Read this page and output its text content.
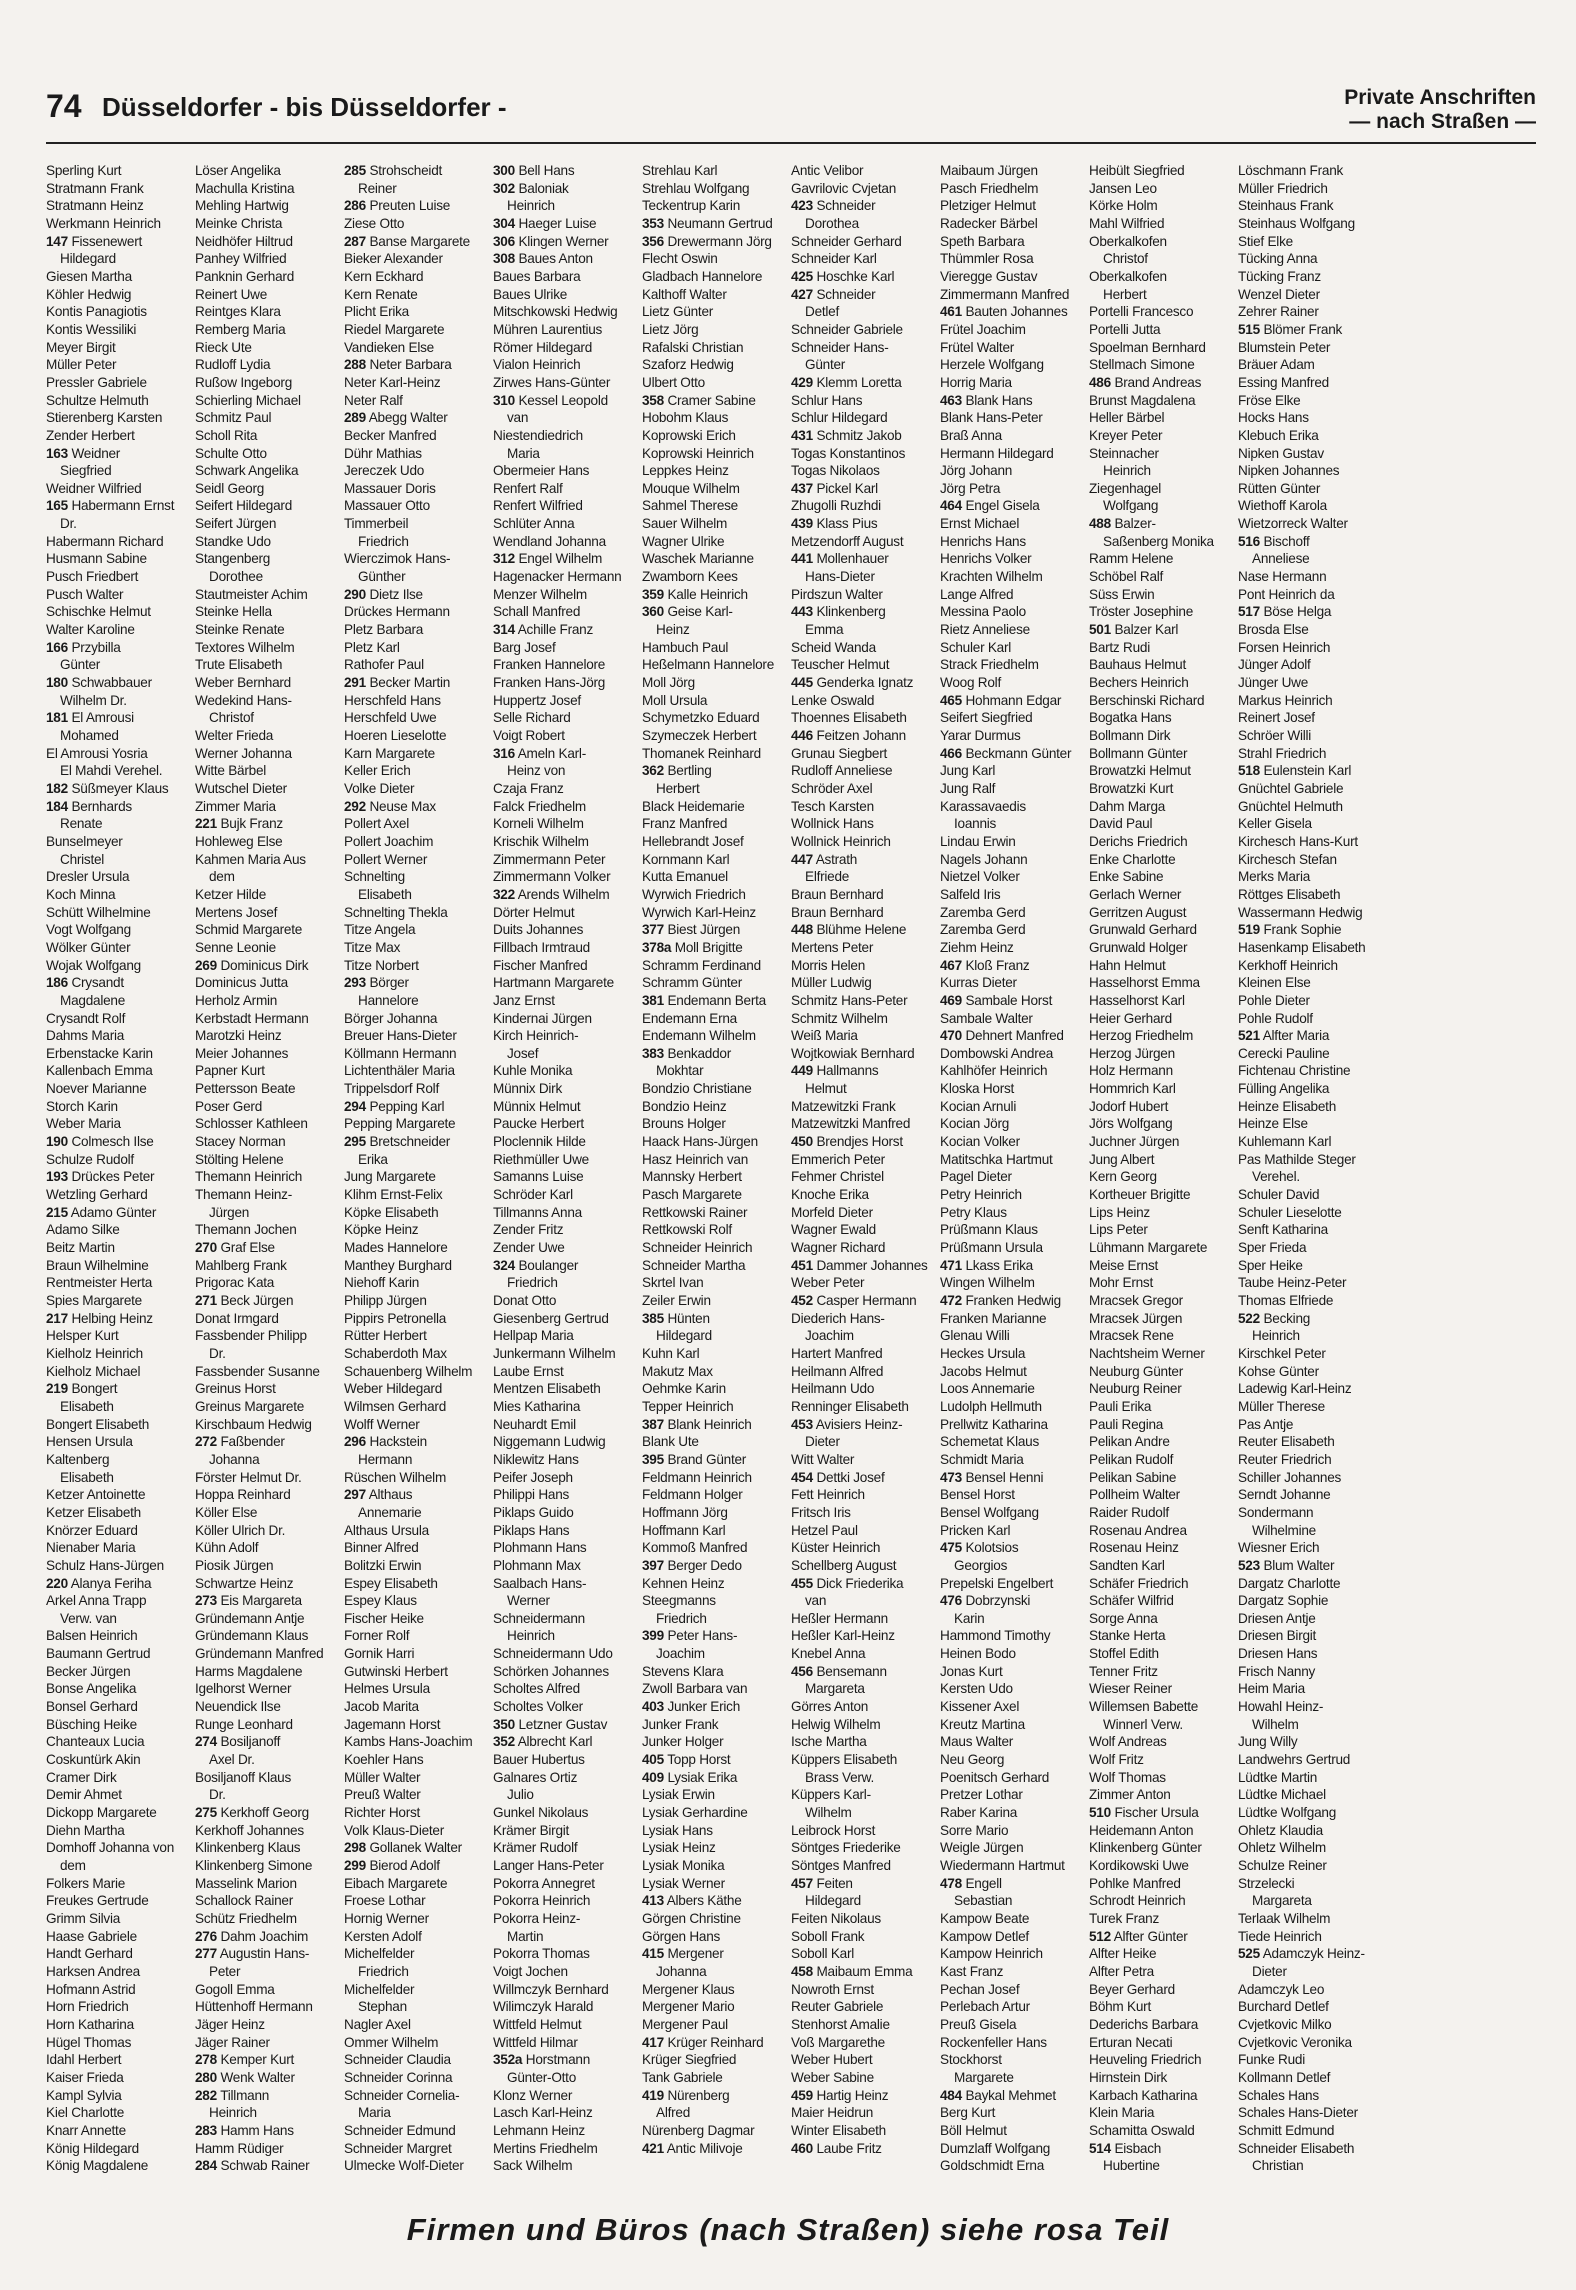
74 Düsseldorfer - bis Düsseldorfer -	Private Anschriften
— nach Straßen —
Sperling Kurt
Stratmann Frank
Stratmann Heinz
Werkmann Heinrich
147 Fissenewert
Hildegard
Giesen Martha
Köhler Hedwig
Kontis Panagiotis
Kontis Wessiliki
Meyer Birgit
Müller Peter
Pressler Gabriele
Schultze Helmuth
Stierenberg Karsten
Zender Herbert
163 Weidner
Siegfried
Weidner Wilfried
165 Habermann Ernst
Dr.
Habermann Richard
Husmann Sabine
Pusch Friedbert
Pusch Walter
Schischke Helmut
Walter Karoline
166 Przybilla
Günter
180 Schwabbauer
Wilhelm Dr.
181 El Amrousi
Mohamed
El Amrousi Yosria
El Mahdi Verehel.
182 Süßmeyer Klaus
184 Bernhards
Renate
Bunselmeyer
Christel
Dresler Ursula
Koch Minna
Schütt Wilhelmine
Vogt Wolfgang
Wölker Günter
Wojak Wolfgang
186 Crysandt
Magdalene
Crysandt Rolf
Dahms Maria
Erbenstacke Karin
Kallenbach Emma
Noever Marianne
Storch Karin
Weber Maria
190 Colmesch Ilse
Schulze Rudolf
193 Drückes Peter
Wetzling Gerhard
215 Adamo Günter
Adamo Silke
Beitz Martin
Braun Wilhelmine
Rentmeister Herta
Spies Margarete
217 Helbing Heinz
Helsper Kurt
Kielholz Heinrich
Kielholz Michael
219 Bongert
Elisabeth
Bongert Elisabeth
Hensen Ursula
Kaltenberg
Elisabeth
Ketzer Antoinette
Ketzer Elisabeth
Knörzer Eduard
Nienaber Maria
Schulz Hans-Jürgen
220 Alanya Feriha
Arkel Anna Trapp
Verw. van
Balsen Heinrich
Baumann Gertrud
Becker Jürgen
Bonse Angelika
Bonsel Gerhard
Büsching Heike
Chanteaux Lucia
Coskuntürk Akin
Cramer Dirk
Demir Ahmet
Dickopp Margarete
Diehn Martha
Domhoff Johanna von
dem
Folkers Marie
Freukes Gertrude
Grimm Silvia
Haase Gabriele
Handt Gerhard
Harksen Andrea
Hofmann Astrid
Horn Friedrich
Horn Katharina
Hügel Thomas
Idahl Herbert
Kaiser Frieda
Kampl Sylvia
Kiel Charlotte
Knarr Annette
König Hildegard
König Magdalene
Löser Angelika
Machulla Kristina
Mehling Hartwig
Meinke Christa
Neidhöfer Hiltrud
Panhey Wilfried
Panknin Gerhard
Reinert Uwe
Reintges Klara
Remberg Maria
Rieck Ute
Rudloff Lydia
Rußow Ingeborg
Schierling Michael
Schmitz Paul
Scholl Rita
Schulte Otto
Schwark Angelika
Seidl Georg
Seifert Hildegard
Seifert Jürgen
Standke Udo
Stangenberg
Dorothee
Stautmeister Achim
Steinke Hella
Steinke Renate
Textores Wilhelm
Trute Elisabeth
Weber Bernhard
Wedekind Hans-
Christof
Welter Frieda
Werner Johanna
Witte Bärbel
Wutschel Dieter
Zimmer Maria
221 Bujk Franz
Hohleweg Else
Kahmen Maria Aus
dem
Ketzer Hilde
Mertens Josef
Schmid Margarete
Senne Leonie
269 Dominicus Dirk
Dominicus Jutta
Herholz Armin
Kerbstadt Hermann
Marotzki Heinz
Meier Johannes
Papner Kurt
Pettersson Beate
Poser Gerd
Schlosser Kathleen
Stacey Norman
Stölting Helene
Themann Heinrich
Themann Heinz-
Jürgen
Themann Jochen
270 Graf Else
Mahlberg Frank
Prigorac Kata
271 Beck Jürgen
Donat Irmgard
Fassbender Philipp
Dr.
Fassbender Susanne
Greinus Horst
Greinus Margarete
Kirschbaum Hedwig
272 Faßbender
Johanna
Förster Helmut Dr.
Hoppa Reinhard
Köller Else
Köller Ulrich Dr.
Kühn Adolf
Piosik Jürgen
Schwartze Heinz
273 Eis Margareta
Gründemann Antje
Gründemann Klaus
Gründemann Manfred
Harms Magdalene
Igelhorst Werner
Neuendick Ilse
Runge Leonhard
274 Bosiljanoff
Axel Dr.
Bosiljanoff Klaus
Dr.
275 Kerkhoff Georg
Kerkhoff Johannes
Klinkenberg Klaus
Klinkenberg Simone
Masselink Marion
Schallock Rainer
Schütz Friedhelm
276 Dahm Joachim
277 Augustin Hans-
Peter
Gogoll Emma
Hüttenhoff Hermann
Jäger Heinz
Jäger Rainer
278 Kemper Kurt
280 Wenk Walter
282 Tillmann
Heinrich
283 Hamm Hans
Hamm Rüdiger
284 Schwab Rainer
285 Strohscheidt
Reiner
286 Preuten Luise
Ziese Otto
287 Banse Margarete
Bieker Alexander
Kern Eckhard
Kern Renate
Plicht Erika
Riedel Margarete
Vandieken Else
288 Neter Barbara
Neter Karl-Heinz
Neter Ralf
289 Abegg Walter
Becker Manfred
Dühr Mathias
Jereczek Udo
Massauer Doris
Massauer Otto
Timmerbeil
Friedrich
Wierczimok Hans-
Günther
290 Dietz Ilse
Drückes Hermann
Pletz Barbara
Pletz Karl
Rathofer Paul
291 Becker Martin
Herschfeld Hans
Herschfeld Uwe
Hoeren Lieselotte
Karn Margarete
Keller Erich
Volke Dieter
292 Neuse Max
Pollert Axel
Pollert Joachim
Pollert Werner
Schnelting
Elisabeth
Schnelting Thekla
Titze Angela
Titze Max
Titze Norbert
293 Börger
Hannelore
Börger Johanna
Breuer Hans-Dieter
Köllmann Hermann
Lichtenthäler Maria
Trippelsdorf Rolf
294 Pepping Karl
Pepping Margarete
295 Bretschneider
Erika
Jung Margarete
Klihm Ernst-Felix
Köpke Elisabeth
Köpke Heinz
Mades Hannelore
Manthey Burghard
Niehoff Karin
Philipp Jürgen
Pippirs Petronella
Rütter Herbert
Schaberdoth Max
Schauenberg Wilhelm
Weber Hildegard
Wilmsen Gerhard
Wolff Werner
296 Hackstein
Hermann
Rüschen Wilhelm
297 Althaus
Annemarie
Althaus Ursula
Binner Alfred
Bolitzki Erwin
Espey Elisabeth
Espey Klaus
Fischer Heike
Forner Rolf
Gornik Harri
Gutwinski Herbert
Helmes Ursula
Jacob Marita
Jagemann Horst
Kambs Hans-Joachim
Koehler Hans
Müller Walter
Preuß Walter
Richter Horst
Volk Klaus-Dieter
298 Gollanek Walter
299 Bierod Adolf
Eibach Margarete
Froese Lothar
Hornig Werner
Kersten Adolf
Michelfelder
Friedrich
Michelfelder
Stephan
Nagler Axel
Ommer Wilhelm
Schneider Claudia
Schneider Corinna
Schneider Cornelia-
Maria
Schneider Edmund
Schneider Margret
Ulmecke Wolf-Dieter
300 Bell Hans
302 Baloniak
Heinrich
304 Haeger Luise
306 Klingen Werner
308 Baues Anton
Baues Barbara
Baues Ulrike
Mitschkowski Hedwig
Mühren Laurentius
Römer Hildegard
Vialon Heinrich
Zirwes Hans-Günter
310 Kessel Leopold
van
Niestendiedrich
Maria
Obermeier Hans
Renfert Ralf
Renfert Wilfried
Schlüter Anna
Wendland Johanna
312 Engel Wilhelm
Hagenacker Hermann
Menzer Wilhelm
Schall Manfred
314 Achille Franz
Barg Josef
Franken Hannelore
Franken Hans-Jörg
Huppertz Josef
Selle Richard
Voigt Robert
316 Ameln Karl-
Heinz von
Czaja Franz
Falck Friedhelm
Korneli Wilhelm
Krischik Wilhelm
Zimmermann Peter
Zimmermann Volker
322 Arends Wilhelm
Dörter Helmut
Duits Johannes
Fillbach Irmtraud
Fischer Manfred
Hartmann Margarete
Janz Ernst
Kindernai Jürgen
Kirch Heinrich-
Josef
Kuhle Monika
Münnix Dirk
Münnix Helmut
Paucke Herbert
Ploclennik Hilde
Riethmüller Uwe
Samanns Luise
Schröder Karl
Tillmanns Anna
Zender Fritz
Zender Uwe
324 Boulanger
Friedrich
Donat Otto
Giesenberg Gertrud
Hellpap Maria
Junkermann Wilhelm
Laube Ernst
Mentzen Elisabeth
Mies Katharina
Neuhardt Emil
Niggemann Ludwig
Niklewitz Hans
Peifer Joseph
Philippi Hans
Piklaps Guido
Piklaps Hans
Plohmann Hans
Plohmann Max
Saalbach Hans-
Werner
Schneidermann
Heinrich
Schneidermann Udo
Schörken Johannes
Scholtes Alfred
Scholtes Volker
350 Letzner Gustav
352 Albrecht Karl
Bauer Hubertus
Galnares Ortiz
Julio
Gunkel Nikolaus
Krämer Birgit
Krämer Rudolf
Langer Hans-Peter
Pokorra Annegret
Pokorra Heinrich
Pokorra Heinz-
Martin
Pokorra Thomas
Voigt Jochen
Willmczyk Bernhard
Wilimczyk Harald
Wittfeld Helmut
Wittfeld Hilmar
352a Horstmann
Günter-Otto
Klonz Werner
Lasch Karl-Heinz
Lehmann Heinz
Mertins Friedhelm
Sack Wilhelm
Strehlau Karl
Strehlau Wolfgang
Teckentrup Karin
353 Neumann Gertrud
356 Drewermann Jörg
Flecht Oswin
Gladbach Hannelore
Kalthoff Walter
Lietz Günter
Lietz Jörg
Rafalski Christian
Szaforz Hedwig
Ulbert Otto
358 Cramer Sabine
Hobohm Klaus
Koprowski Erich
Koprowski Heinrich
Leppkes Heinz
Mouque Wilhelm
Sahmel Therese
Sauer Wilhelm
Wagner Ulrike
Waschek Marianne
Zwamborn Kees
359 Kalle Heinrich
360 Geise Karl-
Heinz
Hambuch Paul
Heßelmann Hannelore
Moll Jörg
Moll Ursula
Schymetzko Eduard
Szymeczek Herbert
Thomanek Reinhard
362 Bertling
Herbert
Black Heidemarie
Franz Manfred
Hellebrandt Josef
Kornmann Karl
Kutta Emanuel
Wyrwich Friedrich
Wyrwich Karl-Heinz
377 Biest Jürgen
378a Moll Brigitte
Schramm Ferdinand
Schramm Günter
381 Endemann Berta
Endemann Erna
Endemann Wilhelm
383 Benkaddor
Mokhtar
Bondzio Christiane
Bondzio Heinz
Brouns Holger
Haack Hans-Jürgen
Hasz Heinrich van
Mannsky Herbert
Pasch Margarete
Rettkowski Rainer
Rettkowski Rolf
Schneider Heinrich
Schneider Martha
Skrtel Ivan
Zeiler Erwin
385 Hünten
Hildegard
Kuhn Karl
Makutz Max
Oehmke Karin
Tepper Heinrich
387 Blank Heinrich
Blank Ute
395 Brand Günter
Feldmann Heinrich
Feldmann Holger
Hoffmann Jörg
Hoffmann Karl
Kommoß Manfred
397 Berger Dedo
Kehnen Heinz
Steegmanns
Friedrich
399 Peter Hans-
Joachim
Stevens Klara
Zwoll Barbara van
403 Junker Erich
Junker Frank
Junker Holger
405 Topp Horst
409 Lysiak Erika
Lysiak Erwin
Lysiak Gerhardine
Lysiak Hans
Lysiak Heinz
Lysiak Monika
Lysiak Werner
413 Albers Käthe
Görgen Christine
Görgen Hans
415 Mergener
Johanna
Mergener Klaus
Mergener Mario
Mergener Paul
417 Krüger Reinhard
Krüger Siegfried
Tank Gabriele
419 Nürenberg
Alfred
Nürenberg Dagmar
421 Antic Milivoje
Antic Velibor
Gavrilovic Cvjetan
423 Schneider
Dorothea
Schneider Gerhard
Schneider Karl
425 Hoschke Karl
427 Schneider
Detlef
Schneider Gabriele
Schneider Hans-
Günter
429 Klemm Loretta
Schlur Hans
Schlur Hildegard
431 Schmitz Jakob
Togas Konstantinos
Togas Nikolaos
437 Pickel Karl
Zhugolli Ruzhdi
439 Klass Pius
Metzendorff August
441 Mollenhauer
Hans-Dieter
Pirdszun Walter
443 Klinkenberg
Emma
Scheid Wanda
Teuscher Helmut
445 Genderka Ignatz
Lenke Oswald
Thoennes Elisabeth
446 Feitzen Johann
Grunau Siegbert
Rudloff Anneliese
Schröder Axel
Tesch Karsten
Wollnick Hans
Wollnick Heinrich
447 Astrath
Elfriede
Braun Bernhard
Braun Bernhard
448 Blühme Helene
Mertens Peter
Morris Helen
Müller Ludwig
Schmitz Hans-Peter
Schmitz Wilhelm
Weiß Maria
Wojtkowiak Bernhard
449 Hallmanns
Helmut
Matzewitzki Frank
Matzewitzki Manfred
450 Brendjes Horst
Emmerich Peter
Fehmer Christel
Knoche Erika
Morfeld Dieter
Wagner Ewald
Wagner Richard
451 Dammer Johannes
Weber Peter
452 Casper Hermann
Diederich Hans-
Joachim
Hartert Manfred
Heilmann Alfred
Heilmann Udo
Renninger Elisabeth
453 Avisiers Heinz-
Dieter
Witt Walter
454 Dettki Josef
Fett Heinrich
Fritsch Iris
Hetzel Paul
Küster Heinrich
Schellberg August
455 Dick Friederika
van
Heßler Hermann
Heßler Karl-Heinz
Knebel Anna
456 Bensemann
Margareta
Görres Anton
Helwig Wilhelm
Ische Martha
Küppers Elisabeth
Brass Verw.
Küppers Karl-
Wilhelm
Leibrock Horst
Söntges Friederike
Söntges Manfred
457 Feiten
Hildegard
Feiten Nikolaus
Soboll Frank
Soboll Karl
458 Maibaum Emma
Nowroth Ernst
Reuter Gabriele
Stenhorst Amalie
Voß Margarethe
Weber Hubert
Weber Sabine
459 Hartig Heinz
Maier Heidrun
Winter Elisabeth
460 Laube Fritz
Maibaum Jürgen
Pasch Friedhelm
Pletziger Helmut
Radecker Bärbel
Speth Barbara
Thümmler Rosa
Vieregge Gustav
Zimmermann Manfred
461 Bauten Johannes
Frütel Joachim
Frütel Walter
Herzele Wolfgang
Horrig Maria
463 Blank Hans
Blank Hans-Peter
Braß Anna
Hermann Hildegard
Jörg Johann
Jörg Petra
464 Engel Gisela
Ernst Michael
Henrichs Hans
Henrichs Volker
Krachten Wilhelm
Lange Alfred
Messina Paolo
Rietz Anneliese
Schuler Karl
Strack Friedhelm
Woog Rolf
465 Hohmann Edgar
Seifert Siegfried
Yarar Durmus
466 Beckmann Günter
Jung Karl
Jung Ralf
Karassavaedis
Ioannis
Lindau Erwin
Nagels Johann
Nietzel Volker
Salfeld Iris
Zaremba Gerd
Zaremba Gerd
Ziehm Heinz
467 Kloß Franz
Kurras Dieter
469 Sambale Horst
Sambale Walter
470 Dehnert Manfred
Dombowski Andrea
Kahlhöfer Heinrich
Kloska Horst
Kocian Arnuli
Kocian Jörg
Kocian Volker
Matitschka Hartmut
Pagel Dieter
Petry Heinrich
Petry Klaus
Prüßmann Klaus
Prüßmann Ursula
471 Lkass Erika
Wingen Wilhelm
472 Franken Hedwig
Franken Marianne
Glenau Willi
Heckes Ursula
Jacobs Helmut
Loos Annemarie
Ludolph Hellmuth
Prellwitz Katharina
Schemetat Klaus
Schmidt Maria
473 Bensel Henni
Bensel Horst
Bensel Wolfgang
Pricken Karl
475 Kolotsios
Georgios
Prepelski Engelbert
476 Dobrzynski
Karin
Hammond Timothy
Heinen Bodo
Jonas Kurt
Kersten Udo
Kissener Axel
Kreutz Martina
Maus Walter
Neu Georg
Poenitsch Gerhard
Pretzer Lothar
Raber Karina
Sorre Mario
Weigle Jürgen
Wiedermann Hartmut
478 Engell
Sebastian
Kampow Beate
Kampow Detlef
Kampow Heinrich
Kast Franz
Pechan Josef
Perlebach Artur
Preuß Gisela
Rockenfeller Hans
Stockhorst
Margarete
484 Baykal Mehmet
Berg Kurt
Böll Helmut
Dumzlaff Wolfgang
Goldschmidt Erna
Heibült Siegfried
Jansen Leo
Körke Holm
Mahl Wilfried
Oberkalkofen
Christof
Oberkalkofen
Herbert
Portelli Francesco
Portelli Jutta
Spoelman Bernhard
Stellmach Simone
486 Brand Andreas
Brunst Magdalena
Heller Bärbel
Kreyer Peter
Steinnacher
Heinrich
Ziegenhagel
Wolfgang
488 Balzer-
Saßenberg Monika
Ramm Helene
Schöbel Ralf
Süss Erwin
Tröster Josephine
501 Balzer Karl
Bartz Rudi
Bauhaus Helmut
Bechers Heinrich
Berschinski Richard
Bogatka Hans
Bollmann Dirk
Bollmann Günter
Browatzki Helmut
Browatzki Kurt
Dahm Marga
David Paul
Derichs Friedrich
Enke Charlotte
Enke Sabine
Gerlach Werner
Gerritzen August
Grunwald Gerhard
Grunwald Holger
Hahn Helmut
Hasselhorst Emma
Hasselhorst Karl
Heier Gerhard
Herzog Friedhelm
Herzog Jürgen
Holz Hermann
Hommrich Karl
Jodorf Hubert
Jörs Wolfgang
Juchner Jürgen
Jung Albert
Kern Georg
Kortheuer Brigitte
Lips Heinz
Lips Peter
Lühmann Margarete
Meise Ernst
Mohr Ernst
Mracsek Gregor
Mracsek Jürgen
Mracsek Rene
Nachtsheim Werner
Neuburg Günter
Neuburg Reiner
Pauli Erika
Pauli Regina
Pelikan Andre
Pelikan Rudolf
Pelikan Sabine
Pollheim Walter
Raider Rudolf
Rosenau Andrea
Rosenau Heinz
Sandten Karl
Schäfer Friedrich
Schäfer Wilfrid
Sorge Anna
Stanke Herta
Stoffel Edith
Tenner Fritz
Wieser Reiner
Willemsen Babette
Winnerl Verw.
Wolf Andreas
Wolf Fritz
Wolf Thomas
Zimmer Anton
510 Fischer Ursula
Heidemann Anton
Klinkenberg Günter
Kordikowski Uwe
Pohlke Manfred
Schrodt Heinrich
Turek Franz
512 Alfter Günter
Alfter Heike
Alfter Petra
Beyer Gerhard
Böhm Kurt
Dederichs Barbara
Erturan Necati
Heuveling Friedrich
Hirnstein Dirk
Karbach Katharina
Klein Maria
Schamitta Oswald
514 Eisbach
Hubertine
Löschmann Frank
Müller Friedrich
Steinhaus Frank
Steinhaus Wolfgang
Stief Elke
Tücking Anna
Tücking Franz
Wenzel Dieter
Zehrer Rainer
515 Blömer Frank
Blumstein Peter
Bräuer Adam
Essing Manfred
Fröse Elke
Hocks Hans
Klebuch Erika
Nipken Gustav
Nipken Johannes
Rütten Günter
Wiethoff Karola
Wietzorreck Walter
516 Bischoff
Anneliese
Nase Hermann
Pont Heinrich da
517 Böse Helga
Brosda Else
Forsen Heinrich
Jünger Adolf
Jünger Uwe
Markus Heinrich
Reinert Josef
Schröer Willi
Strahl Friedrich
518 Eulenstein Karl
Gnüchtel Gabriele
Gnüchtel Helmuth
Keller Gisela
Kirchesch Hans-Kurt
Kirchesch Stefan
Merks Maria
Röttges Elisabeth
Wassermann Hedwig
519 Frank Sophie
Hasenkamp Elisabeth
Kerkhoff Heinrich
Kleinen Else
Pohle Dieter
Pohle Rudolf
521 Alfter Maria
Cerecki Pauline
Fichtenau Christine
Fülling Angelika
Heinze Elisabeth
Heinze Else
Kuhlemann Karl
Pas Mathilde Steger
Verehel.
Schuler David
Schuler Lieselotte
Senft Katharina
Sper Frieda
Sper Heike
Taube Heinz-Peter
Thomas Elfriede
522 Becking
Heinrich
Kirschkel Peter
Kohse Günter
Ladewig Karl-Heinz
Müller Therese
Pas Antje
Reuter Elisabeth
Reuter Friedrich
Schiller Johannes
Serndt Johanne
Sondermann
Wilhelmine
Wiesner Erich
523 Blum Walter
Dargatz Charlotte
Dargatz Sophie
Driesen Antje
Driesen Birgit
Driesen Hans
Frisch Nanny
Heim Maria
Howahl Heinz-
Wilhelm
Jung Willy
Landwehrs Gertrud
Lüdtke Martin
Lüdtke Michael
Lüdtke Wolfgang
Ohletz Klaudia
Ohletz Wilhelm
Schulze Reiner
Strzelecki
Margareta
Terlaak Wilhelm
Tiede Heinrich
525 Adamczyk Heinz-
Dieter
Adamczyk Leo
Burchard Detlef
Cvjetkovic Milko
Cvjetkovic Veronika
Funke Rudi
Kollmann Detlef
Schales Hans
Schales Hans-Dieter
Schmitt Edmund
Schneider Elisabeth
Christian
Firmen und Büros (nach Straßen) siehe rosa Teil
